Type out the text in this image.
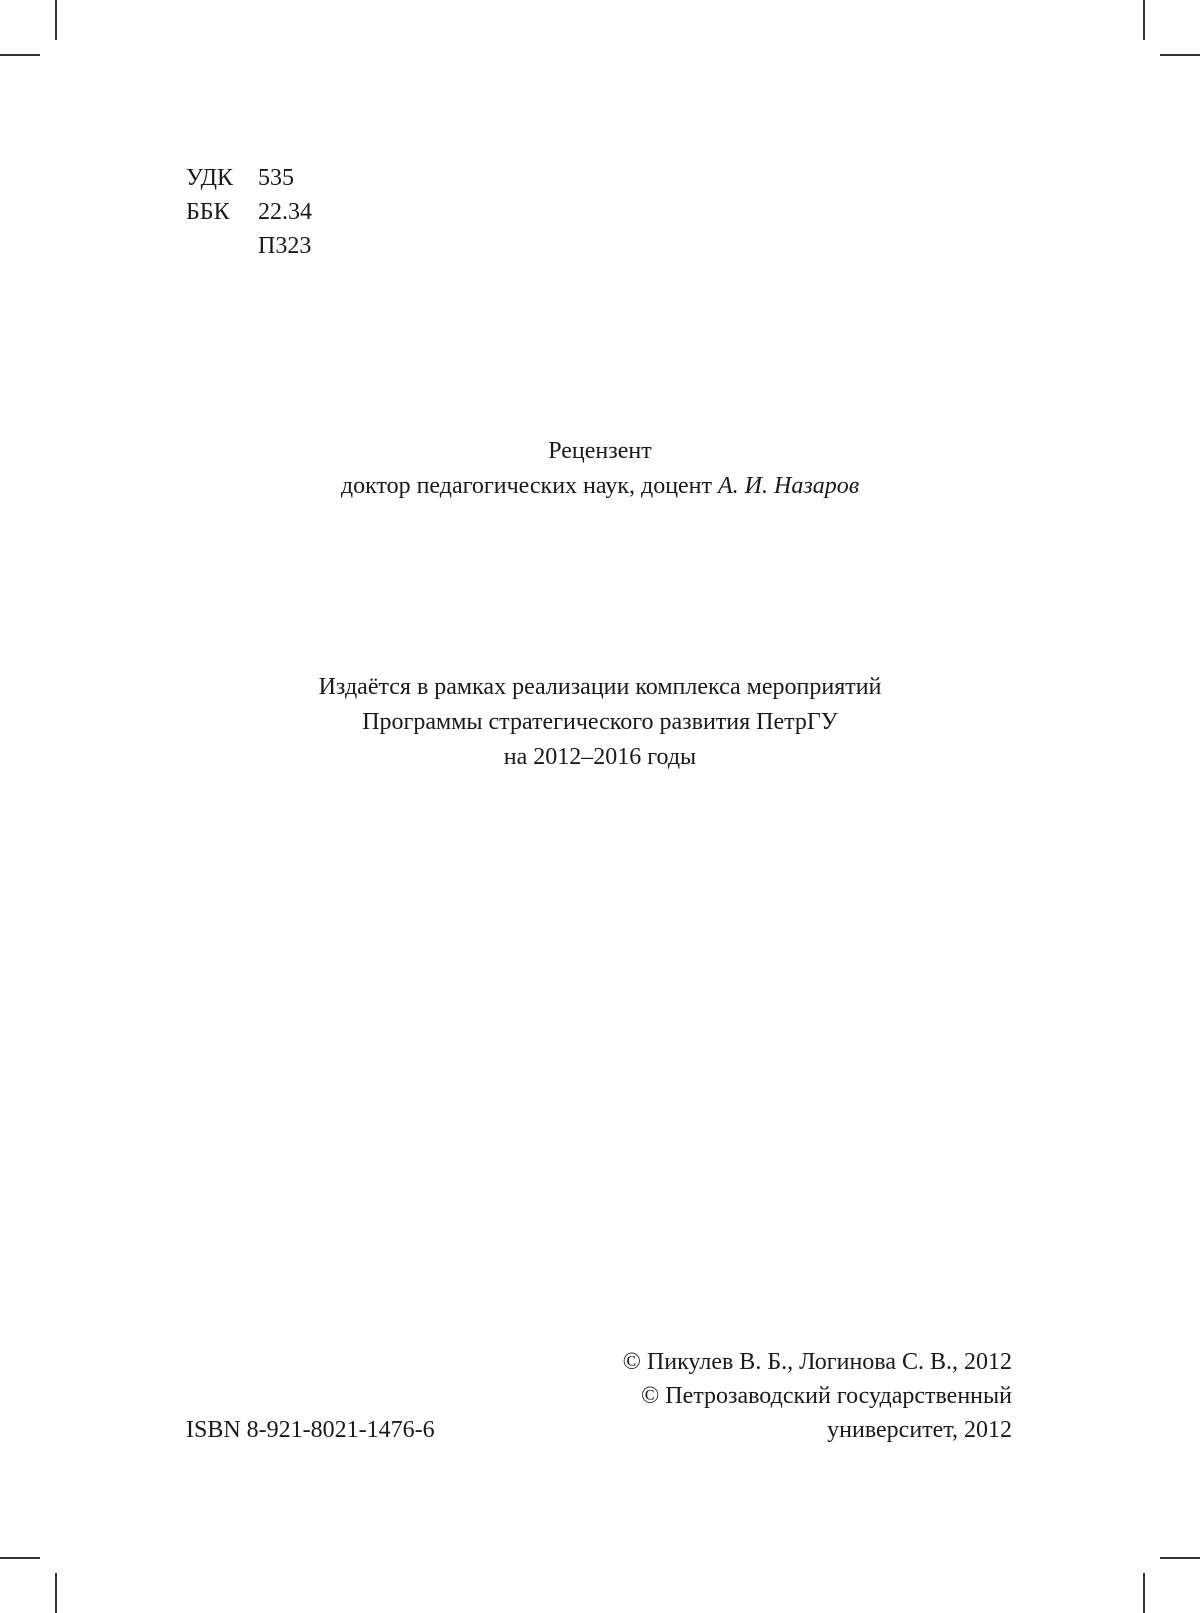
УДК	535
ББК	22.34
П323
Рецензент
доктор педагогических наук, доцент А. И. Назаров
Издаётся в рамках реализации комплекса мероприятий
Программы стратегического развития ПетрГУ
на 2012–2016 годы
© Пикулев В. Б., Логинова С. В., 2012
© Петрозаводский государственный
университет, 2012
ISBN 8-921-8021-1476-6
